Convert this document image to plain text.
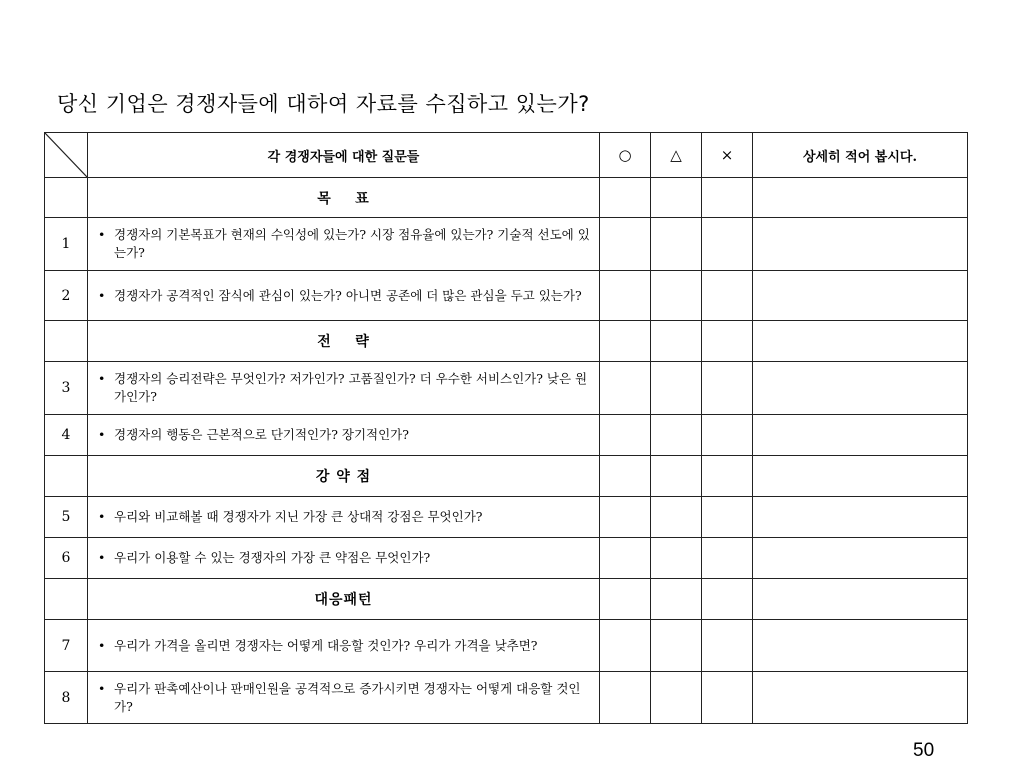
당신 기업은 경쟁자들에 대하여 자료를 수집하고 있는가?
	각 경쟁자들에 대한 질문들	○	△	×	상세히 적어 봅시다.
	목    표				
1	• 경쟁자의 기본목표가 현재의 수익성에 있는가? 시장 점유율에 있는가? 기술적 선도에 있는가?				

2	• 경쟁자가 공격적인 잠식에 관심이 있는가? 아니면 공존에 더 많은 관심을 두고 있는가?				

	전    략				
3	• 경쟁자의 승리전략은 무엇인가? 저가인가? 고품질인가? 더 우수한 서비스인가? 낮은 원가인가?				

4	• 경쟁자의 행동은 근본적으로 단기적인가? 장기적인가?				

	강 약 점				
5	• 우리와 비교해볼 때 경쟁자가 지닌 가장 큰 상대적 강점은 무엇인가?				

6	• 우리가 이용할 수 있는 경쟁자의 가장 큰 약점은 무엇인가?				

	대응패턴				
7	• 우리가 가격을 올리면 경쟁자는 어떻게 대응할 것인가? 우리가 가격을 낮추면?				

8	• 우리가 판촉예산이나 판매인원을 공격적으로 증가시키면 경쟁자는 어떻게 대응할 것인가?				

50
